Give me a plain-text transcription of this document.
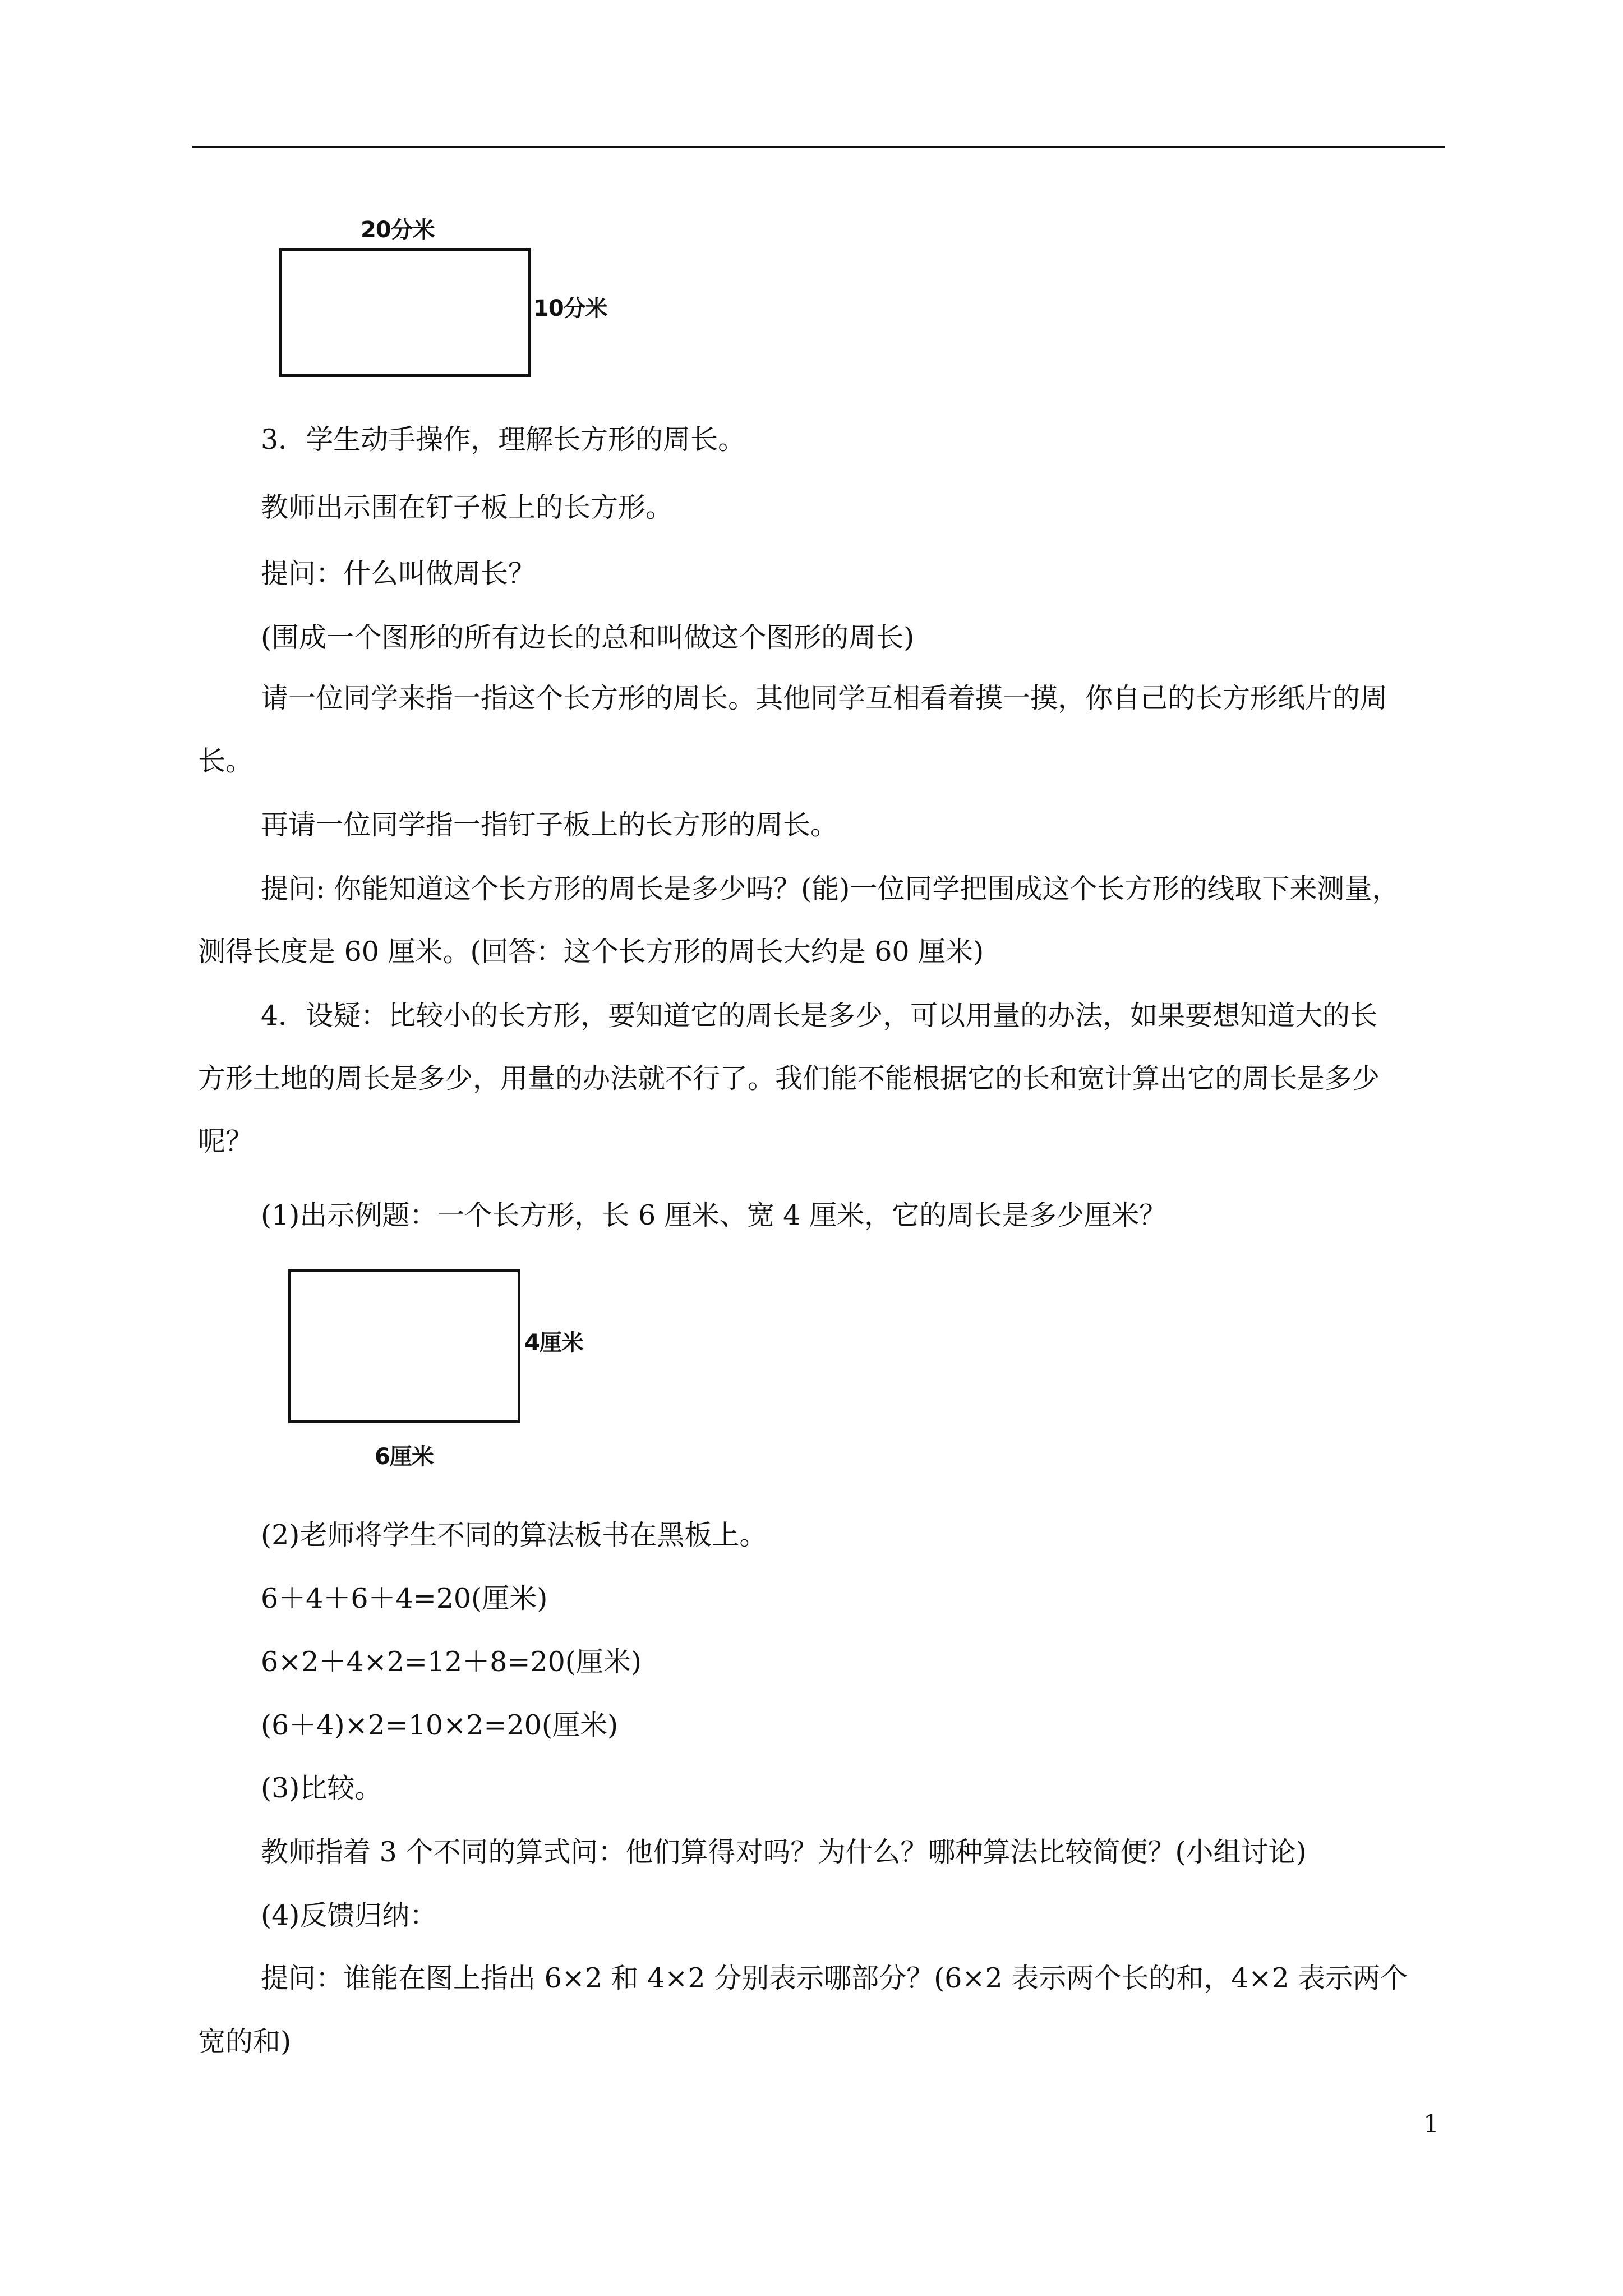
20分米
10分米
3．学生动手操作，理解长方形的周长。
教师出示围在钉子板上的长方形。
提问：什么叫做周长？
(围成一个图形的所有边长的总和叫做这个图形的周长)
请一位同学来指一指这个长方形的周长。其他同学互相看着摸一摸，你自己的长方形纸片的周
长。
再请一位同学指一指钉子板上的长方形的周长。
提问: 你能知道这个长方形的周长是多少吗？(能)一位同学把围成这个长方形的线取下来测量，
测得长度是 60 厘米。(回答：这个长方形的周长大约是 60 厘米)
4．设疑：比较小的长方形，要知道它的周长是多少，可以用量的办法，如果要想知道大的长
方形土地的周长是多少，用量的办法就不行了。我们能不能根据它的长和宽计算出它的周长是多少
呢？
(1)出示例题：一个长方形，长 6 厘米、宽 4 厘米，它的周长是多少厘米？
4厘米
6厘米
(2)老师将学生不同的算法板书在黑板上。
6＋4＋6＋4=20(厘米)
6×2＋4×2=12＋8=20(厘米)
(6＋4)×2=10×2=20(厘米)
(3)比较。
教师指着 3 个不同的算式问：他们算得对吗？为什么？哪种算法比较简便？(小组讨论)
(4)反馈归纳：
提问：谁能在图上指出 6×2 和 4×2 分别表示哪部分？(6×2 表示两个长的和，4×2 表示两个
宽的和)
1
